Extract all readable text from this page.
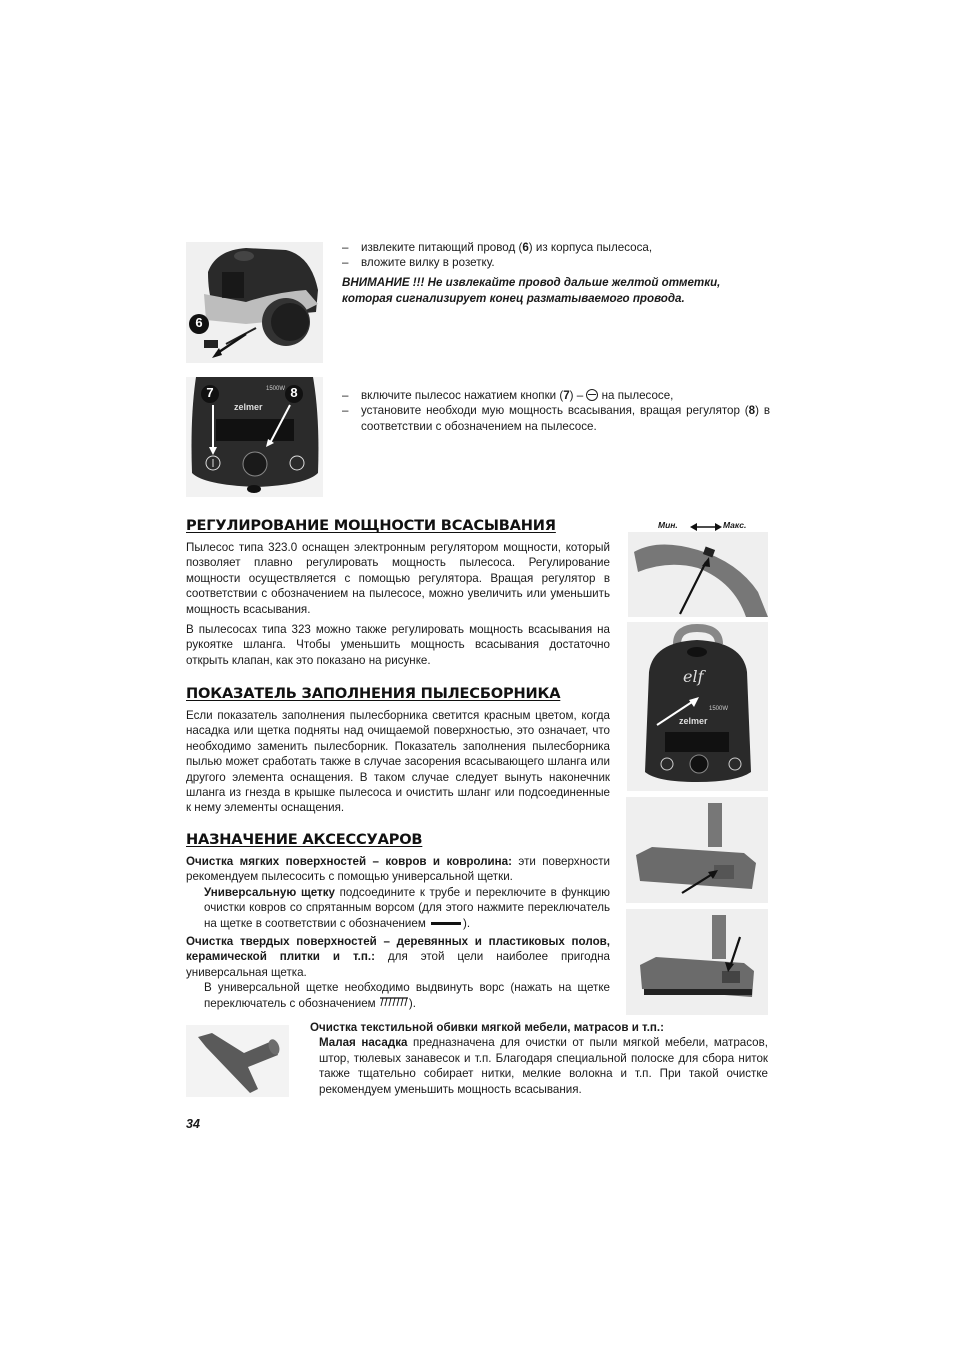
6
–	извлеките питающий провод (6) из корпуса пылесоса,
–	вложите вилку в розетку.
ВНИМАНИЕ !!! Не извлекайте провод дальше желтой отметки, которая сигнализирует конец разматываемого провода.
zelmer
1500W
7	8	–	включите пылесос нажатием кнопки (7) –  на пылесосе,
–	установите необходи мую мощность всасывания, вращая регулятор (8) в соответствии с обозначением на пылесосе.
РЕГУЛИРОВАНИЕ МОЩНОСТИ ВСАСЫВАНИЯ

Пылесос типа 323.0 оснащен электронным регулятором мощности, который позволяет плавно регулировать мощность пылесоса. Регулирование мощности осуществляется с помощью регулятора. Вращая регулятор в соответствии с обозначением на пылесосе, можно увеличить или уменьшить мощность всасывания.

В пылесосах типа 323 можно также регулировать мощность всасывания на рукоятке шланга. Чтобы уменьшить мощность всасывания достаточно открыть клапан, как это показано на рисунке.

Мин.	Макс.
ПОКАЗАТЕЛЬ ЗАПОЛНЕНИЯ ПЫЛЕСБОРНИКА

Если показатель заполнения пылесборника светится красным цветом, когда насадка или щетка подняты над очищаемой поверхностью, это означает, что необходимо заменить пылесборник. Показатель заполнения пылесборника пылью может сработать также в случае засорения всасывающего шланга или другого элемента оснащения. В таком случае следует вынуть наконечник шланга из гнезда в крышке пылесоса и очистить шланг или подсоединенные к нему элементы оснащения.

elf
1500W
zelmer
НАЗНАЧЕНИЕ АКСЕССУАРОВ

Очистка мягких поверхностей – ковров и ковролина: эти поверхности рекомендуем пылесосить с помощью универсальной щетки.

Универсальную щетку подсоедините к трубе и переключите в функцию очистки ковров со спрятанным ворсом (для этого нажмите переключатель на щетке в соответствии с обозначением	).

Очистка твердых поверхностей – деревянных и пластиковых полов, керамической плитки и т.п.: для этой цели наиболее пригодна универсальная щетка.

В универсальной щетке необходимо выдвинуть ворс (нажать на щетке переключатель с обозначением	).

Очистка текстильной обивки мягкой мебели, матрасов и т.п.:

Малая насадка предназначена для очистки от пыли мягкой мебели, матрасов, штор, тюлевых занавесок и т.п. Благодаря специальной полоске для сбора ниток также тщательно собирает нитки, мелкие волокна и т.п. При такой очистке рекомендуем уменьшить мощность всасывания.

34
